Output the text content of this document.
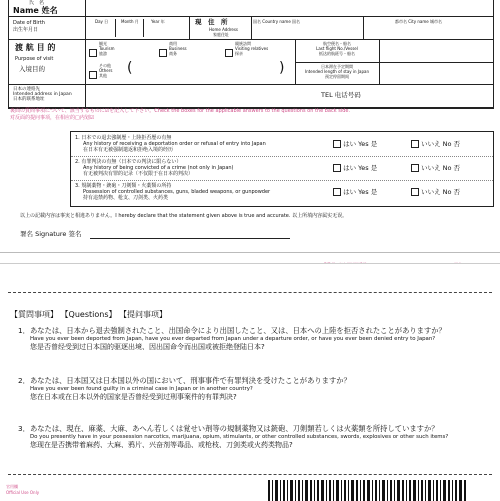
氏　名
Name 姓名
Date of Birth
出生年月日
Day 日	Month 月	Year 年	現　住　所
Home Address
家庭住址
国名 Country name 国名	都市名 City name 城市名
渡 航 目 的
Purpose of visit
入境目的
観光
Tourism
旅游
商用
Business
商务
親族訪問
Visiting relatives
探亲
その他
Others
其他	(	)
航空便名・船名
Last flight No./Vessel
抵达的航班号・船名
日本滞在予定期間
Intended length of stay in Japan
预定停留期间
日本の連絡先
Intended address in Japan
日本的联系地址
TEL 电话号码
裏面の質問事項について、該当するものに☑を記入して下さい。Check the boxes for the applicable answers to the questions on the back side.
对反面的提问事项，在相应的□内划☑
1. 日本での退去強制歴・上陸拒否歴の有無
Any history of receiving a deportation order or refusal of entry into Japan
在日本有无被强制遣返和拒绝入境的经历
はい Yes 是	いいえ No 否
2. 有罪判決の有無（日本での判決に限らない）
Any history of being convicted of a crime (not only in Japan)
有无被判决有罪的记录（不仅限于在日本的判决）
はい Yes 是	いいえ No 否
3. 規制薬物・銃砲・刀剣類・火薬類の所持
Possession of controlled substances, guns, bladed weapons, or gunpowder
持有违禁药物、枪支、刀剑类、火药类
はい Yes 是	いいえ No 否
以上の記載内容は事実と相違ありません。I hereby declare that the statement given above is true and accurate. 以上所填内容属实无误。
署名 Signature 签名
【質問事項】 【Questions】 【提问事项】
1．あなたは、日本から退去強制されたこと、出国命令により出国したこと、又は、日本への上陸を拒否されたことがありますか？
Have you ever been deported from Japan, have you ever departed from Japan under a departure order, or have you ever been denied entry to Japan?
您是否曾经受到过日本国的驱逐出境、因出国命令而出国或被拒绝登陆日本?
2．あなたは、日本国又は日本国以外の国において、刑事事件で有罪判決を受けたことがありますか？
Have you ever been found guilty in a criminal case in Japan or in another country?
您在日本或在日本以外的国家是否曾经受到过刑事案件的有罪判决?
3．あなたは、現在、麻薬、大麻、あへん若しくは覚せい剤等の規制薬物又は銃砲、刀剣類若しくは火薬類を所持していますか？
Do you presently have in your possession narcotics, marijuana, opium, stimulants, or other controlled substances, swords, explosives or other such items?
您现在是否携带着麻药、大麻、鸦片、兴奋剂等毒品、或枪枝、刀剑类或火药类物品?
官用欄
Official Use Only
